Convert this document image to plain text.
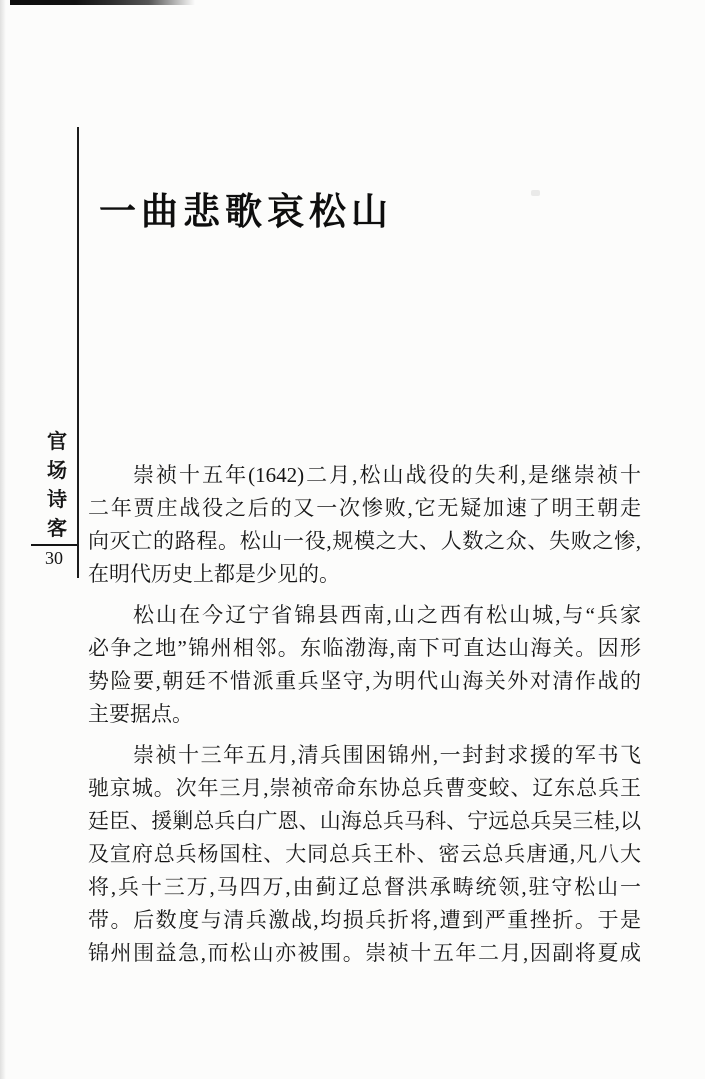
官
场
诗
客
30
一曲悲歌哀松山
崇祯十五年(1642)二月,松山战役的失利,是继崇祯十
二年贾庄战役之后的又一次惨败,它无疑加速了明王朝走
向灭亡的路程。松山一役,规模之大、人数之众、失败之惨,
在明代历史上都是少见的。
松山在今辽宁省锦县西南,山之西有松山城,与“兵家
必争之地”锦州相邻。东临渤海,南下可直达山海关。因形
势险要,朝廷不惜派重兵坚守,为明代山海关外对清作战的
主要据点。
崇祯十三年五月,清兵围困锦州,一封封求援的军书飞
驰京城。次年三月,崇祯帝命东协总兵曹变蛟、辽东总兵王
廷臣、援剿总兵白广恩、山海总兵马科、宁远总兵吴三桂,以
及宣府总兵杨国柱、大同总兵王朴、密云总兵唐通,凡八大
将,兵十三万,马四万,由蓟辽总督洪承畴统领,驻守松山一
带。后数度与清兵激战,均损兵折将,遭到严重挫折。于是
锦州围益急,而松山亦被围。崇祯十五年二月,因副将夏成
